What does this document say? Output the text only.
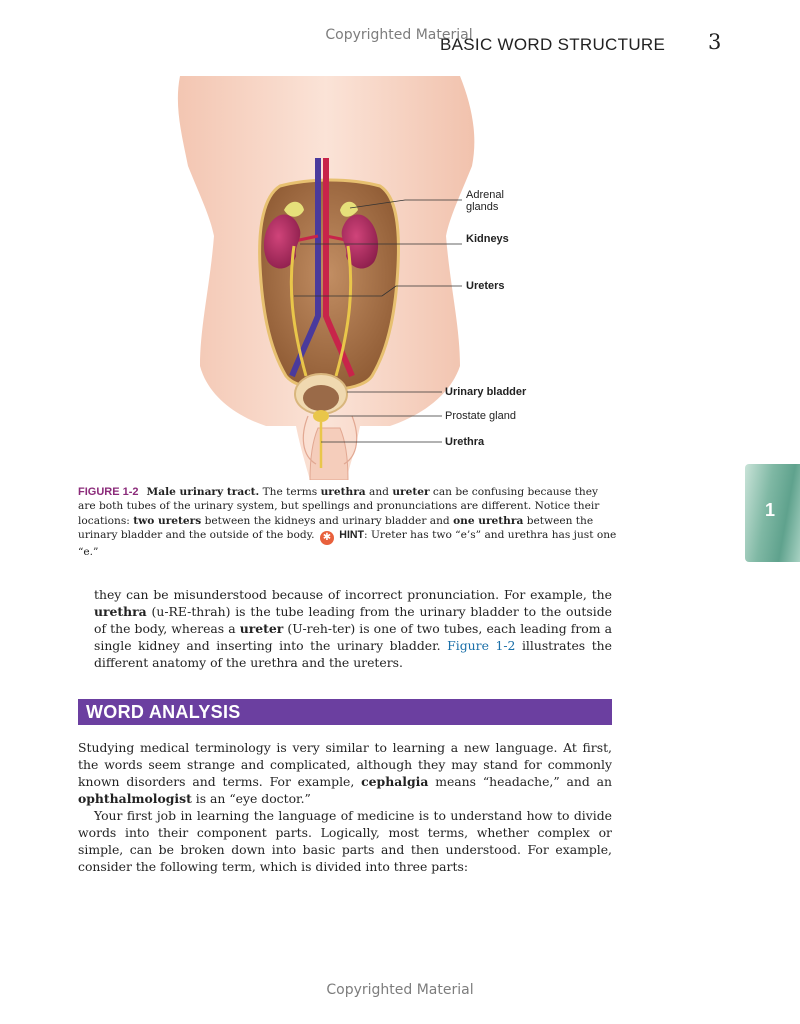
Copyrighted Material
BASIC WORD STRUCTURE 3
1
Adrenal
glands
Kidneys
Ureters
Urinary bladder
Prostate gland
Urethra
FIGURE 1-2 Male urinary tract. The terms urethra and ureter can be confusing because they are both tubes of the urinary system, but spellings and pronunciations are different. Notice their locations: two ureters between the kidneys and urinary bladder and one urethra between the urinary bladder and the outside of the body. ✱ HINT: Ureter has two “e’s” and urethra has just one “e.”
they can be misunderstood because of incorrect pronunciation. For example, the urethra (u-RE-thrah) is the tube leading from the urinary bladder to the outside of the body, whereas a ureter (U-reh-ter) is one of two tubes, each leading from a single kidney and inserting into the urinary bladder. Figure 1-2 illustrates the different anatomy of the urethra and the ureters.
WORD ANALYSIS
Studying medical terminology is very similar to learning a new language. At first, the words seem strange and complicated, although they may stand for commonly known disorders and terms. For example, cephalgia means “headache,” and an ophthalmologist is an “eye doctor.”
Your first job in learning the language of medicine is to understand how to divide words into their component parts. Logically, most terms, whether complex or simple, can be broken down into basic parts and then understood. For example, consider the following term, which is divided into three parts:
Copyrighted Material
